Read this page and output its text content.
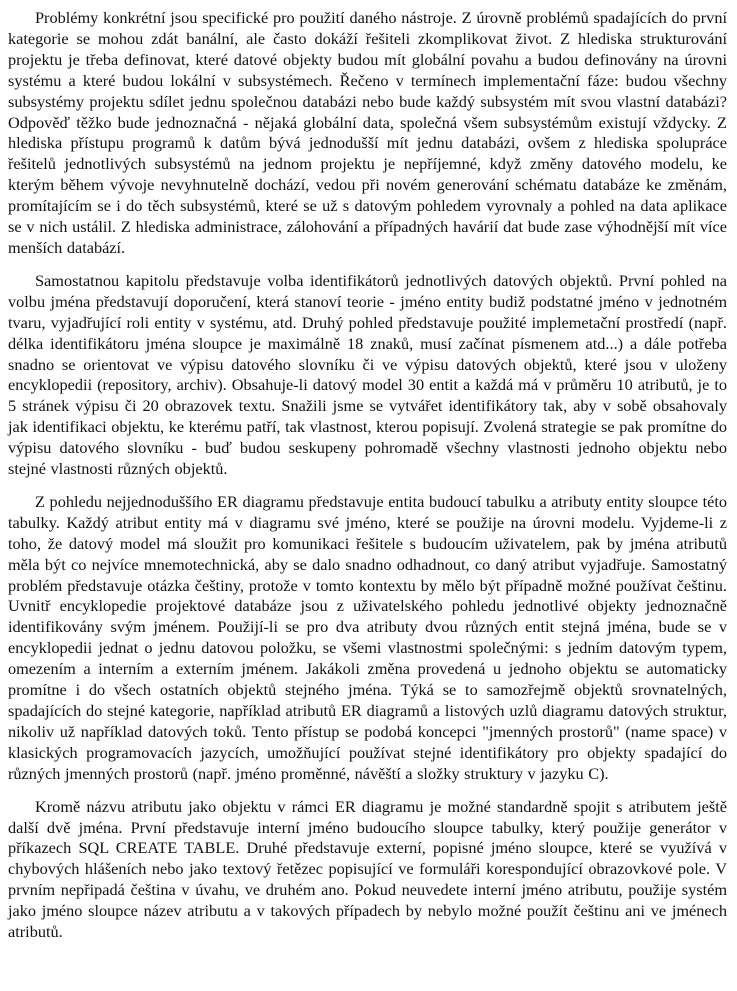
Problémy konkrétní jsou specifické pro použití daného nástroje. Z úrovně problémů spadajících do první kategorie se mohou zdát banální, ale často dokáží řešiteli zkomplikovat život. Z hlediska strukturování projektu je třeba definovat, které datové objekty budou mít globální povahu a budou definovány na úrovni systému a které budou lokální v subsystémech. Řečeno v termínech implementační fáze: budou všechny subsystémy projektu sdílet jednu společnou databázi nebo bude každý subsystém mít svou vlastní databázi? Odpověď těžko bude jednoznačná - nějaká globální data, společná všem subsystémům existují vždycky. Z hlediska přístupu programů k datům bývá jednodušší mít jednu databázi, ovšem z hlediska spolupráce řešitelů jednotlivých subsystémů na jednom projektu je nepříjemné, když změny datového modelu, ke kterým během vývoje nevyhnutelně dochází, vedou při novém generování schématu databáze ke změnám, promítajícím se i do těch subsystémů, které se už s datovým pohledem vyrovnaly a pohled na data aplikace se v nich ustálil. Z hlediska administrace, zálohování a případných havárií dat bude zase výhodnější mít více menších databází.

Samostatnou kapitolu představuje volba identifikátorů jednotlivých datových objektů. První pohled na volbu jména představují doporučení, která stanoví teorie - jméno entity budiž podstatné jméno v jednotném tvaru, vyjadřující roli entity v systému, atd. Druhý pohled představuje použité implemetační prostředí (např. délka identifikátoru jména sloupce je maximálně 18 znaků, musí začínat písmenem atd...) a dále potřeba snadno se orientovat ve výpisu datového slovníku či ve výpisu datových objektů, které jsou v uloženy encyklopedii (repository, archiv). Obsahuje-li datový model 30 entit a každá má v průměru 10 atributů, je to 5 stránek výpisu či 20 obrazovek textu. Snažili jsme se vytvářet identifikátory tak, aby v sobě obsahovaly jak identifikaci objektu, ke kterému patří, tak vlastnost, kterou popisují. Zvolená strategie se pak promítne do výpisu datového slovníku - buď budou seskupeny pohromadě všechny vlastnosti jednoho objektu nebo stejné vlastnosti různých objektů.

Z pohledu nejjednoduššího ER diagramu představuje entita budoucí tabulku a atributy entity sloupce této tabulky. Každý atribut entity má v diagramu své jméno, které se použije na úrovni modelu. Vyjdeme-li z toho, že datový model má sloužit pro komunikaci řešitele s budoucím uživatelem, pak by jména atributů měla být co nejvíce mnemotechnická, aby se dalo snadno odhadnout, co daný atribut vyjadřuje. Samostatný problém představuje otázka češtiny, protože v tomto kontextu by mělo být případně možné používat češtinu. Uvnitř encyklopedie projektové databáze jsou z uživatelského pohledu jednotlivé objekty jednoznačně identifikovány svým jménem. Použijí-li se pro dva atributy dvou různých entit stejná jména, bude se v encyklopedii jednat o jednu datovou položku, se všemi vlastnostmi společnými: s jedním datovým typem, omezením a interním a externím jménem. Jakákoli změna provedená u jednoho objektu se automaticky promítne i do všech ostatních objektů stejného jména. Týká se to samozřejmě objektů srovnatelných, spadajících do stejné kategorie, například atributů ER diagramů a listových uzlů diagramu datových struktur, nikoliv už například datových toků. Tento přístup se podobá koncepci "jmenných prostorů" (name space) v klasických programovacích jazycích, umožňující používat stejné identifikátory pro objekty spadající do různých jmenných prostorů (např. jméno proměnné, návěští a složky struktury v jazyku C).

Kromě názvu atributu jako objektu v rámci ER diagramu je možné standardně spojit s atributem ještě další dvě jména. První představuje interní jméno budoucího sloupce tabulky, který použije generátor v příkazech SQL CREATE TABLE. Druhé představuje externí, popisné jméno sloupce, které se využívá v chybových hlášeních nebo jako textový řetězec popisující ve formuláři korespondující obrazovkové pole. V prvním nepřipadá čeština v úvahu, ve druhém ano. Pokud neuvedete interní jméno atributu, použije systém jako jméno sloupce název atributu a v takových případech by nebylo možné použít češtinu ani ve jménech atributů.
